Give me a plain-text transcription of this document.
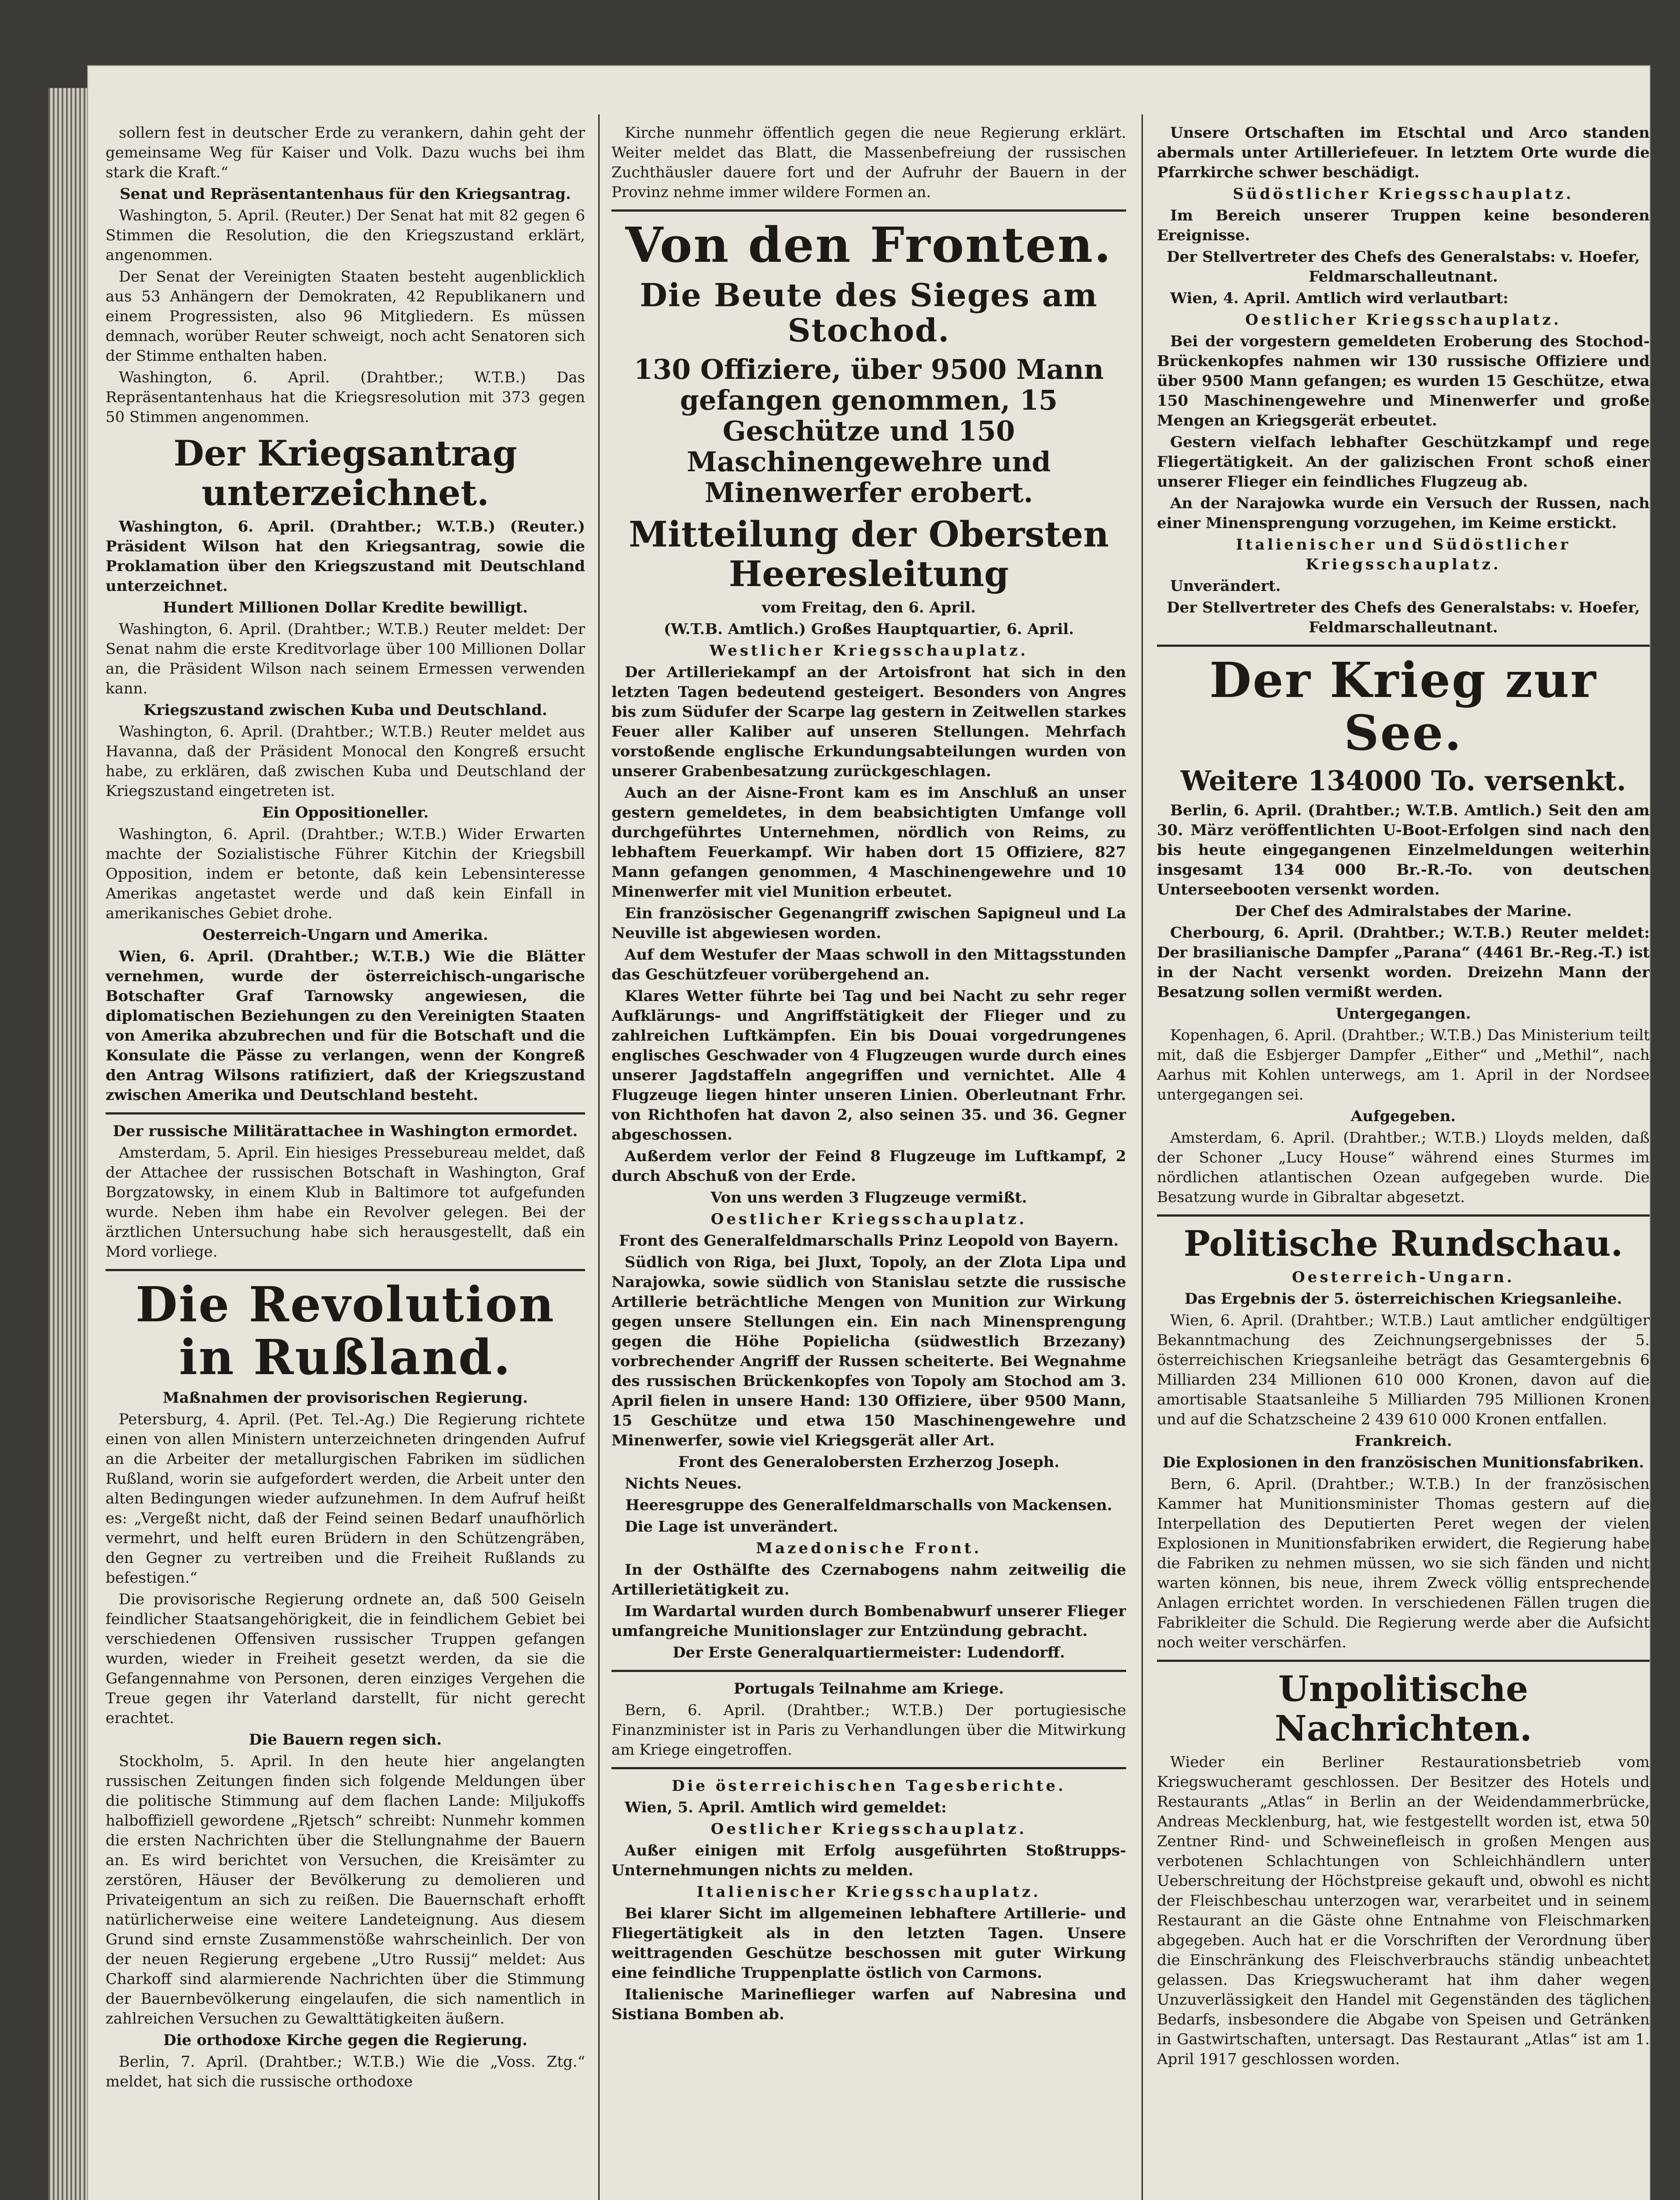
sollern fest in deutscher Erde zu verankern, dahin geht der gemeinsame Weg für Kaiser und Volk. Dazu wuchs bei ihm stark die Kraft.“

Senat und Repräsentantenhaus für den Kriegsantrag.

Washington, 5. April. (Reuter.) Der Senat hat mit 82 gegen 6 Stimmen die Resolution, die den Kriegszustand erklärt, angenommen.

Der Senat der Vereinigten Staaten besteht augenblicklich aus 53 Anhängern der Demokraten, 42 Republikanern und einem Progressisten, also 96 Mitgliedern. Es müssen demnach, worüber Reuter schweigt, noch acht Senatoren sich der Stimme enthalten haben.

Washington, 6. April. (Drahtber.; W.T.B.) Das Repräsentantenhaus hat die Kriegsresolution mit 373 gegen 50 Stimmen angenommen.

Der Kriegsantrag unterzeichnet.

Washington, 6. April. (Drahtber.; W.T.B.) (Reuter.) Präsident Wilson hat den Kriegsantrag, sowie die Proklamation über den Kriegszustand mit Deutschland unterzeichnet.

Hundert Millionen Dollar Kredite bewilligt.

Washington, 6. April. (Drahtber.; W.T.B.) Reuter meldet: Der Senat nahm die erste Kreditvorlage über 100 Millionen Dollar an, die Präsident Wilson nach seinem Ermessen verwenden kann.

Kriegszustand zwischen Kuba und Deutschland.

Washington, 6. April. (Drahtber.; W.T.B.) Reuter meldet aus Havanna, daß der Präsident Monocal den Kongreß ersucht habe, zu erklären, daß zwischen Kuba und Deutschland der Kriegszustand eingetreten ist.

Ein Oppositioneller.

Washington, 6. April. (Drahtber.; W.T.B.) Wider Erwarten machte der Sozialistische Führer Kitchin der Kriegsbill Opposition, indem er betonte, daß kein Lebensinteresse Amerikas angetastet werde und daß kein Einfall in amerikanisches Gebiet drohe.

Oesterreich-Ungarn und Amerika.

Wien, 6. April. (Drahtber.; W.T.B.) Wie die Blätter vernehmen, wurde der österreichisch-ungarische Botschafter Graf Tarnowsky angewiesen, die diplomatischen Beziehungen zu den Vereinigten Staaten von Amerika abzubrechen und für die Botschaft und die Konsulate die Pässe zu verlangen, wenn der Kongreß den Antrag Wilsons ratifiziert, daß der Kriegszustand zwischen Amerika und Deutschland besteht.

Der russische Militärattachee in Washington ermordet.

Amsterdam, 5. April. Ein hiesiges Pressebureau meldet, daß der Attachee der russischen Botschaft in Washington, Graf Borgzatowsky, in einem Klub in Baltimore tot aufgefunden wurde. Neben ihm habe ein Revolver gelegen. Bei der ärztlichen Untersuchung habe sich herausgestellt, daß ein Mord vorliege.

Die Revolution in Rußland.

Maßnahmen der provisorischen Regierung.

Petersburg, 4. April. (Pet. Tel.-Ag.) Die Regierung richtete einen von allen Ministern unterzeichneten dringenden Aufruf an die Arbeiter der metallurgischen Fabriken im südlichen Rußland, worin sie aufgefordert werden, die Arbeit unter den alten Bedingungen wieder aufzunehmen. In dem Aufruf heißt es: „Vergeßt nicht, daß der Feind seinen Bedarf unaufhörlich vermehrt, und helft euren Brüdern in den Schützengräben, den Gegner zu vertreiben und die Freiheit Rußlands zu befestigen.“

Die provisorische Regierung ordnete an, daß 500 Geiseln feindlicher Staatsangehörigkeit, die in feindlichem Gebiet bei verschiedenen Offensiven russischer Truppen gefangen wurden, wieder in Freiheit gesetzt werden, da sie die Gefangennahme von Personen, deren einziges Vergehen die Treue gegen ihr Vaterland darstellt, für nicht gerecht erachtet.

Die Bauern regen sich.

Stockholm, 5. April. In den heute hier angelangten russischen Zeitungen finden sich folgende Meldungen über die politische Stimmung auf dem flachen Lande: Miljukoffs halboffiziell gewordene „Rjetsch“ schreibt: Nunmehr kommen die ersten Nachrichten über die Stellungnahme der Bauern an. Es wird berichtet von Versuchen, die Kreisämter zu zerstören, Häuser der Bevölkerung zu demolieren und Privateigentum an sich zu reißen. Die Bauernschaft erhofft natürlicherweise eine weitere Landeteignung. Aus diesem Grund sind ernste Zusammenstöße wahrscheinlich. Der von der neuen Regierung ergebene „Utro Russij“ meldet: Aus Charkoff sind alarmierende Nachrichten über die Stimmung der Bauernbevölkerung eingelaufen, die sich namentlich in zahlreichen Versuchen zu Gewalttätigkeiten äußern.

Die orthodoxe Kirche gegen die Regierung.

Berlin, 7. April. (Drahtber.; W.T.B.) Wie die „Voss. Ztg.“ meldet, hat sich die russische orthodoxe

Kirche nunmehr öffentlich gegen die neue Regierung erklärt. Weiter meldet das Blatt, die Massenbefreiung der russischen Zuchthäusler dauere fort und der Aufruhr der Bauern in der Provinz nehme immer wildere Formen an.

Von den Fronten.
Die Beute des Sieges am Stochod.
130 Offiziere, über 9500 Mann gefangen genommen, 15 Geschütze und 150 Maschinengewehre und Minenwerfer erobert.
Mitteilung der Obersten Heeresleitung

vom Freitag, den 6. April.

(W.T.B. Amtlich.) Großes Hauptquartier, 6. April.

Westlicher Kriegsschauplatz.

Der Artilleriekampf an der Artoisfront hat sich in den letzten Tagen bedeutend gesteigert. Besonders von Angres bis zum Südufer der Scarpe lag gestern in Zeitwellen starkes Feuer aller Kaliber auf unseren Stellungen. Mehrfach vorstoßende englische Erkundungsabteilungen wurden von unserer Grabenbesatzung zurückgeschlagen.

Auch an der Aisne-Front kam es im Anschluß an unser gestern gemeldetes, in dem beabsichtigten Umfange voll durchgeführtes Unternehmen, nördlich von Reims, zu lebhaftem Feuerkampf. Wir haben dort 15 Offiziere, 827 Mann gefangen genommen, 4 Maschinengewehre und 10 Minenwerfer mit viel Munition erbeutet.

Ein französischer Gegenangriff zwischen Sapigneul und La Neuville ist abgewiesen worden.

Auf dem Westufer der Maas schwoll in den Mittagsstunden das Geschützfeuer vorübergehend an.

Klares Wetter führte bei Tag und bei Nacht zu sehr reger Aufklärungs- und Angriffstätigkeit der Flieger und zu zahlreichen Luftkämpfen. Ein bis Douai vorgedrungenes englisches Geschwader von 4 Flugzeugen wurde durch eines unserer Jagdstaffeln angegriffen und vernichtet. Alle 4 Flugzeuge liegen hinter unseren Linien. Oberleutnant Frhr. von Richthofen hat davon 2, also seinen 35. und 36. Gegner abgeschossen.

Außerdem verlor der Feind 8 Flugzeuge im Luftkampf, 2 durch Abschuß von der Erde.

Von uns werden 3 Flugzeuge vermißt.

Oestlicher Kriegsschauplatz.

Front des Generalfeldmarschalls Prinz Leopold von Bayern.

Südlich von Riga, bei Jluxt, Topoly, an der Zlota Lipa und Narajowka, sowie südlich von Stanislau setzte die russische Artillerie beträchtliche Mengen von Munition zur Wirkung gegen unsere Stellungen ein. Ein nach Minensprengung gegen die Höhe Popielicha (südwestlich Brzezany) vorbrechender Angriff der Russen scheiterte. Bei Wegnahme des russischen Brückenkopfes von Topoly am Stochod am 3. April fielen in unsere Hand: 130 Offiziere, über 9500 Mann, 15 Geschütze und etwa 150 Maschinengewehre und Minenwerfer, sowie viel Kriegsgerät aller Art.

Front des Generalobersten Erzherzog Joseph.

Nichts Neues.

Heeresgruppe des Generalfeldmarschalls von Mackensen.

Die Lage ist unverändert.

Mazedonische Front.

In der Osthälfte des Czernabogens nahm zeitweilig die Artillerietätigkeit zu.

Im Wardartal wurden durch Bombenabwurf unserer Flieger umfangreiche Munitionslager zur Entzündung gebracht.

Der Erste Generalquartiermeister: Ludendorff.

Portugals Teilnahme am Kriege.

Bern, 6. April. (Drahtber.; W.T.B.) Der portugiesische Finanzminister ist in Paris zu Verhandlungen über die Mitwirkung am Kriege eingetroffen.

Die österreichischen Tagesberichte.

Wien, 5. April. Amtlich wird gemeldet:

Oestlicher Kriegsschauplatz.

Außer einigen mit Erfolg ausgeführten Stoßtrupps-Unternehmungen nichts zu melden.

Italienischer Kriegsschauplatz.

Bei klarer Sicht im allgemeinen lebhaftere Artillerie- und Fliegertätigkeit als in den letzten Tagen. Unsere weittragenden Geschütze beschossen mit guter Wirkung eine feindliche Truppenplatte östlich von Carmons.

Italienische Marineflieger warfen auf Nabresina und Sistiana Bomben ab.

Unsere Ortschaften im Etschtal und Arco standen abermals unter Artilleriefeuer. In letztem Orte wurde die Pfarrkirche schwer beschädigt.

Südöstlicher Kriegsschauplatz.

Im Bereich unserer Truppen keine besonderen Ereignisse.

Der Stellvertreter des Chefs des Generalstabs: v. Hoefer, Feldmarschalleutnant.

Wien, 4. April. Amtlich wird verlautbart:

Oestlicher Kriegsschauplatz.

Bei der vorgestern gemeldeten Eroberung des Stochod-Brückenkopfes nahmen wir 130 russische Offiziere und über 9500 Mann gefangen; es wurden 15 Geschütze, etwa 150 Maschinengewehre und Minenwerfer und große Mengen an Kriegsgerät erbeutet.

Gestern vielfach lebhafter Geschützkampf und rege Fliegertätigkeit. An der galizischen Front schoß einer unserer Flieger ein feindliches Flugzeug ab.

An der Narajowka wurde ein Versuch der Russen, nach einer Minensprengung vorzugehen, im Keime erstickt.

Italienischer und Südöstlicher Kriegsschauplatz.

Unverändert.

Der Stellvertreter des Chefs des Generalstabs: v. Hoefer, Feldmarschalleutnant.

Der Krieg zur See.
Weitere 134000 To. versenkt.

Berlin, 6. April. (Drahtber.; W.T.B. Amtlich.) Seit den am 30. März veröffentlichten U-Boot-Erfolgen sind nach den bis heute eingegangenen Einzelmeldungen weiterhin insgesamt 134 000 Br.-R.-To. von deutschen Unterseebooten versenkt worden.

Der Chef des Admiralstabes der Marine.

Cherbourg, 6. April. (Drahtber.; W.T.B.) Reuter meldet: Der brasilianische Dampfer „Parana“ (4461 Br.-Reg.-T.) ist in der Nacht versenkt worden. Dreizehn Mann der Besatzung sollen vermißt werden.

Untergegangen.

Kopenhagen, 6. April. (Drahtber.; W.T.B.) Das Ministerium teilt mit, daß die Esbjerger Dampfer „Either“ und „Methil“, nach Aarhus mit Kohlen unterwegs, am 1. April in der Nordsee untergegangen sei.

Aufgegeben.

Amsterdam, 6. April. (Drahtber.; W.T.B.) Lloyds melden, daß der Schoner „Lucy House“ während eines Sturmes im nördlichen atlantischen Ozean aufgegeben wurde. Die Besatzung wurde in Gibraltar abgesetzt.

Politische Rundschau.

Oesterreich-Ungarn.

Das Ergebnis der 5. österreichischen Kriegsanleihe.

Wien, 6. April. (Drahtber.; W.T.B.) Laut amtlicher endgültiger Bekanntmachung des Zeichnungsergebnisses der 5. österreichischen Kriegsanleihe beträgt das Gesamtergebnis 6 Milliarden 234 Millionen 610 000 Kronen, davon auf die amortisable Staatsanleihe 5 Milliarden 795 Millionen Kronen und auf die Schatzscheine 2 439 610 000 Kronen entfallen.

Frankreich.

Die Explosionen in den französischen Munitionsfabriken.

Bern, 6. April. (Drahtber.; W.T.B.) In der französischen Kammer hat Munitionsminister Thomas gestern auf die Interpellation des Deputierten Peret wegen der vielen Explosionen in Munitionsfabriken erwidert, die Regierung habe die Fabriken zu nehmen müssen, wo sie sich fänden und nicht warten können, bis neue, ihrem Zweck völlig entsprechende Anlagen errichtet worden. In verschiedenen Fällen trugen die Fabrikleiter die Schuld. Die Regierung werde aber die Aufsicht noch weiter verschärfen.

Unpolitische Nachrichten.

Wieder ein Berliner Restaurationsbetrieb vom Kriegswucheramt geschlossen. Der Besitzer des Hotels und Restaurants „Atlas“ in Berlin an der Weidendammerbrücke, Andreas Mecklenburg, hat, wie festgestellt worden ist, etwa 50 Zentner Rind- und Schweinefleisch in großen Mengen aus verbotenen Schlachtungen von Schleichhändlern unter Ueberschreitung der Höchstpreise gekauft und, obwohl es nicht der Fleischbeschau unterzogen war, verarbeitet und in seinem Restaurant an die Gäste ohne Entnahme von Fleischmarken abgegeben. Auch hat er die Vorschriften der Verordnung über die Einschränkung des Fleischverbrauchs ständig unbeachtet gelassen. Das Kriegswucheramt hat ihm daher wegen Unzuverlässigkeit den Handel mit Gegenständen des täglichen Bedarfs, insbesondere die Abgabe von Speisen und Getränken in Gastwirtschaften, untersagt. Das Restaurant „Atlas“ ist am 1. April 1917 geschlossen worden.
